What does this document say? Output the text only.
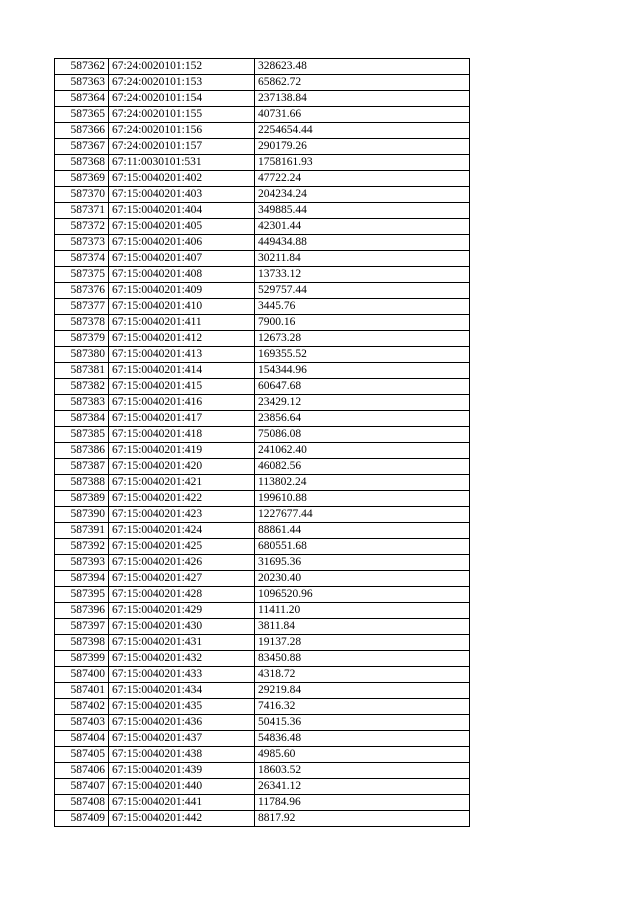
587362	67:24:0020101:152	328623.48
587363	67:24:0020101:153	65862.72
587364	67:24:0020101:154	237138.84
587365	67:24:0020101:155	40731.66
587366	67:24:0020101:156	2254654.44
587367	67:24:0020101:157	290179.26
587368	67:11:0030101:531	1758161.93
587369	67:15:0040201:402	47722.24
587370	67:15:0040201:403	204234.24
587371	67:15:0040201:404	349885.44
587372	67:15:0040201:405	42301.44
587373	67:15:0040201:406	449434.88
587374	67:15:0040201:407	30211.84
587375	67:15:0040201:408	13733.12
587376	67:15:0040201:409	529757.44
587377	67:15:0040201:410	3445.76
587378	67:15:0040201:411	7900.16
587379	67:15:0040201:412	12673.28
587380	67:15:0040201:413	169355.52
587381	67:15:0040201:414	154344.96
587382	67:15:0040201:415	60647.68
587383	67:15:0040201:416	23429.12
587384	67:15:0040201:417	23856.64
587385	67:15:0040201:418	75086.08
587386	67:15:0040201:419	241062.40
587387	67:15:0040201:420	46082.56
587388	67:15:0040201:421	113802.24
587389	67:15:0040201:422	199610.88
587390	67:15:0040201:423	1227677.44
587391	67:15:0040201:424	88861.44
587392	67:15:0040201:425	680551.68
587393	67:15:0040201:426	31695.36
587394	67:15:0040201:427	20230.40
587395	67:15:0040201:428	1096520.96
587396	67:15:0040201:429	11411.20
587397	67:15:0040201:430	3811.84
587398	67:15:0040201:431	19137.28
587399	67:15:0040201:432	83450.88
587400	67:15:0040201:433	4318.72
587401	67:15:0040201:434	29219.84
587402	67:15:0040201:435	7416.32
587403	67:15:0040201:436	50415.36
587404	67:15:0040201:437	54836.48
587405	67:15:0040201:438	4985.60
587406	67:15:0040201:439	18603.52
587407	67:15:0040201:440	26341.12
587408	67:15:0040201:441	11784.96
587409	67:15:0040201:442	8817.92
